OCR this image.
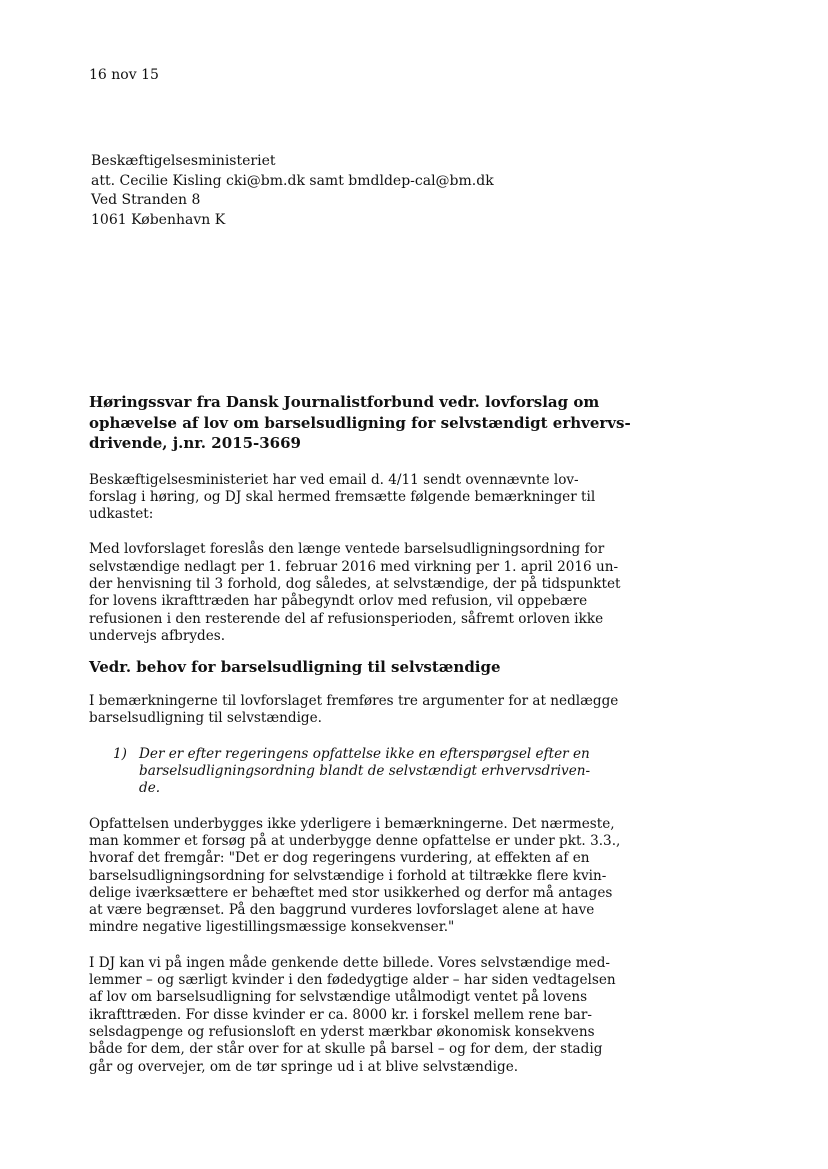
16 nov 15
Beskæftigelsesministeriet
att. Cecilie Kisling cki@bm.dk samt bmdldep-cal@bm.dk
Ved Stranden 8
1061 København K
Høringssvar fra Dansk Journalistforbund vedr. lovforslag om
ophævelse af lov om barselsudligning for selvstændigt erhvervs-
drivende, j.nr. 2015-3669

Beskæftigelsesministeriet har ved email d. 4/11 sendt ovennævnte lov-
forslag i høring, og DJ skal hermed fremsætte følgende bemærkninger til
udkastet:

Med lovforslaget foreslås den længe ventede barselsudligningsordning for
selvstændige nedlagt per 1. februar 2016 med virkning per 1. april 2016 un-
der henvisning til 3 forhold, dog således, at selvstændige, der på tidspunktet
for lovens ikrafttræden har påbegyndt orlov med refusion, vil oppebære
refusionen i den resterende del af refusionsperioden, såfremt orloven ikke
undervejs afbrydes.

Vedr. behov for barselsudligning til selvstændige

I bemærkningerne til lovforslaget fremføres tre argumenter for at nedlægge
barselsudligning til selvstændige.

1) Der er efter regeringens opfattelse ikke en efterspørgsel efter en
barselsudligningsordning blandt de selvstændigt erhvervsdriven-
de.

Opfattelsen underbygges ikke yderligere i bemærkningerne. Det nærmeste,
man kommer et forsøg på at underbygge denne opfattelse er under pkt. 3.3.,
hvoraf det fremgår: "Det er dog regeringens vurdering, at effekten af en
barselsudligningsordning for selvstændige i forhold at tiltrække flere kvin-
delige iværksættere er behæftet med stor usikkerhed og derfor må antages
at være begrænset. På den baggrund vurderes lovforslaget alene at have
mindre negative ligestillingsmæssige konsekvenser."

I DJ kan vi på ingen måde genkende dette billede. Vores selvstændige med-
lemmer – og særligt kvinder i den fødedygtige alder – har siden vedtagelsen
af lov om barselsudligning for selvstændige utålmodigt ventet på lovens
ikrafttræden. For disse kvinder er ca. 8000 kr. i forskel mellem rene bar-
selsdagpenge og refusionsloft en yderst mærkbar økonomisk konsekvens
både for dem, der står over for at skulle på barsel – og for dem, der stadig
går og overvejer, om de tør springe ud i at blive selvstændige.
